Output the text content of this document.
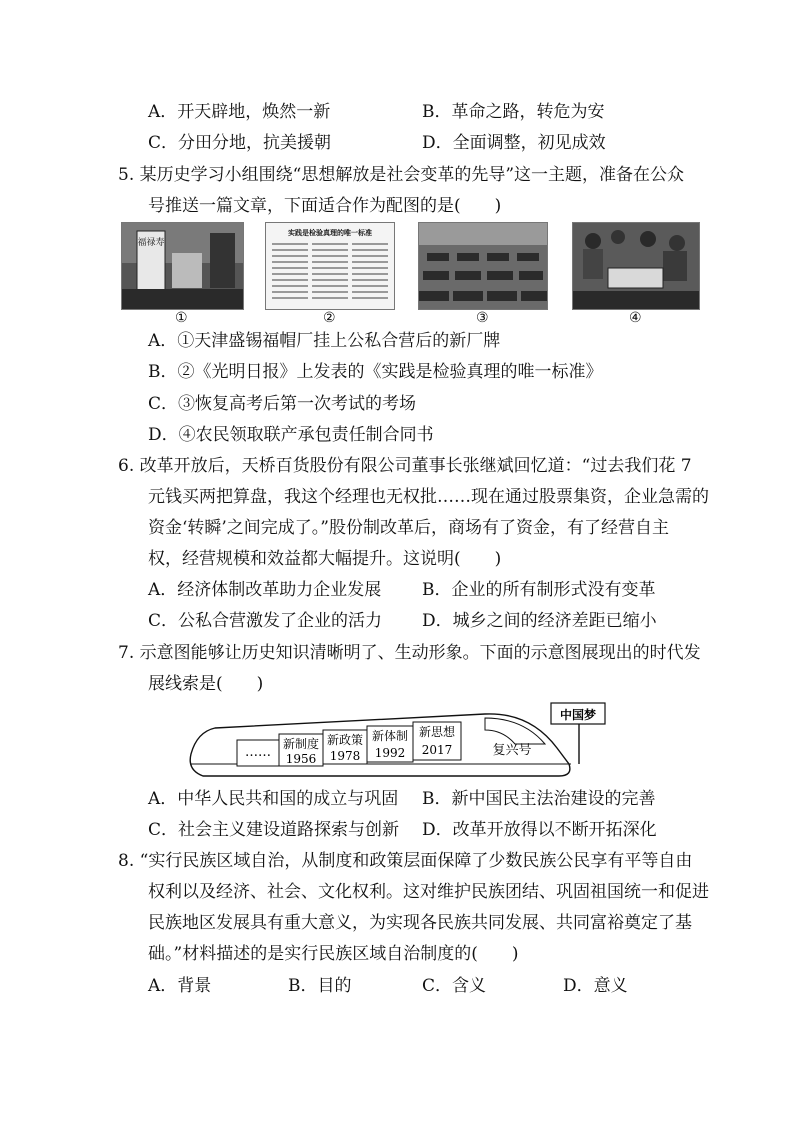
A．开天辟地，焕然一新	B．革命之路，转危为安
C．分田分地，抗美援朝	D．全面调整，初见成效
5. 某历史学习小组围绕“思想解放是社会变革的先导”这一主题，准备在公众
号推送一篇文章，下面适合作为配图的是(　　)
福禄寿
实践是检验真理的唯一标准
①	②	③	④
A．①天津盛锡福帽厂挂上公私合营后的新厂牌
B．②《光明日报》上发表的《实践是检验真理的唯一标准》
C．③恢复高考后第一次考试的考场
D．④农民领取联产承包责任制合同书
6. 改革开放后，天桥百货股份有限公司董事长张继斌回忆道：“过去我们花 7
元钱买两把算盘，我这个经理也无权批……现在通过股票集资，企业急需的
资金‘转瞬’之间完成了。”股份制改革后，商场有了资金，有了经营自主
权，经营规模和效益都大幅提升。这说明(　　)
A．经济体制改革助力企业发展 B．企业的所有制形式没有变革
C．公私合营激发了企业的活力 D．城乡之间的经济差距已缩小
7. 示意图能够让历史知识清晰明了、生动形象。下面的示意图展现出的时代发
展线索是(　　)
……
新制度
1956
新政策
1978
新体制
1992
新思想
2017	复兴号
中国梦
A．中华人民共和国的成立与巩固 B．新中国民主法治建设的完善
C．社会主义建设道路探索与创新 D．改革开放得以不断开拓深化
8. “实行民族区域自治，从制度和政策层面保障了少数民族公民享有平等自由
权利以及经济、社会、文化权利。这对维护民族团结、巩固祖国统一和促进
民族地区发展具有重大意义，为实现各民族共同发展、共同富裕奠定了基
础。”材料描述的是实行民族区域自治制度的(　　)
A．背景	B．目的	C．含义	D．意义
